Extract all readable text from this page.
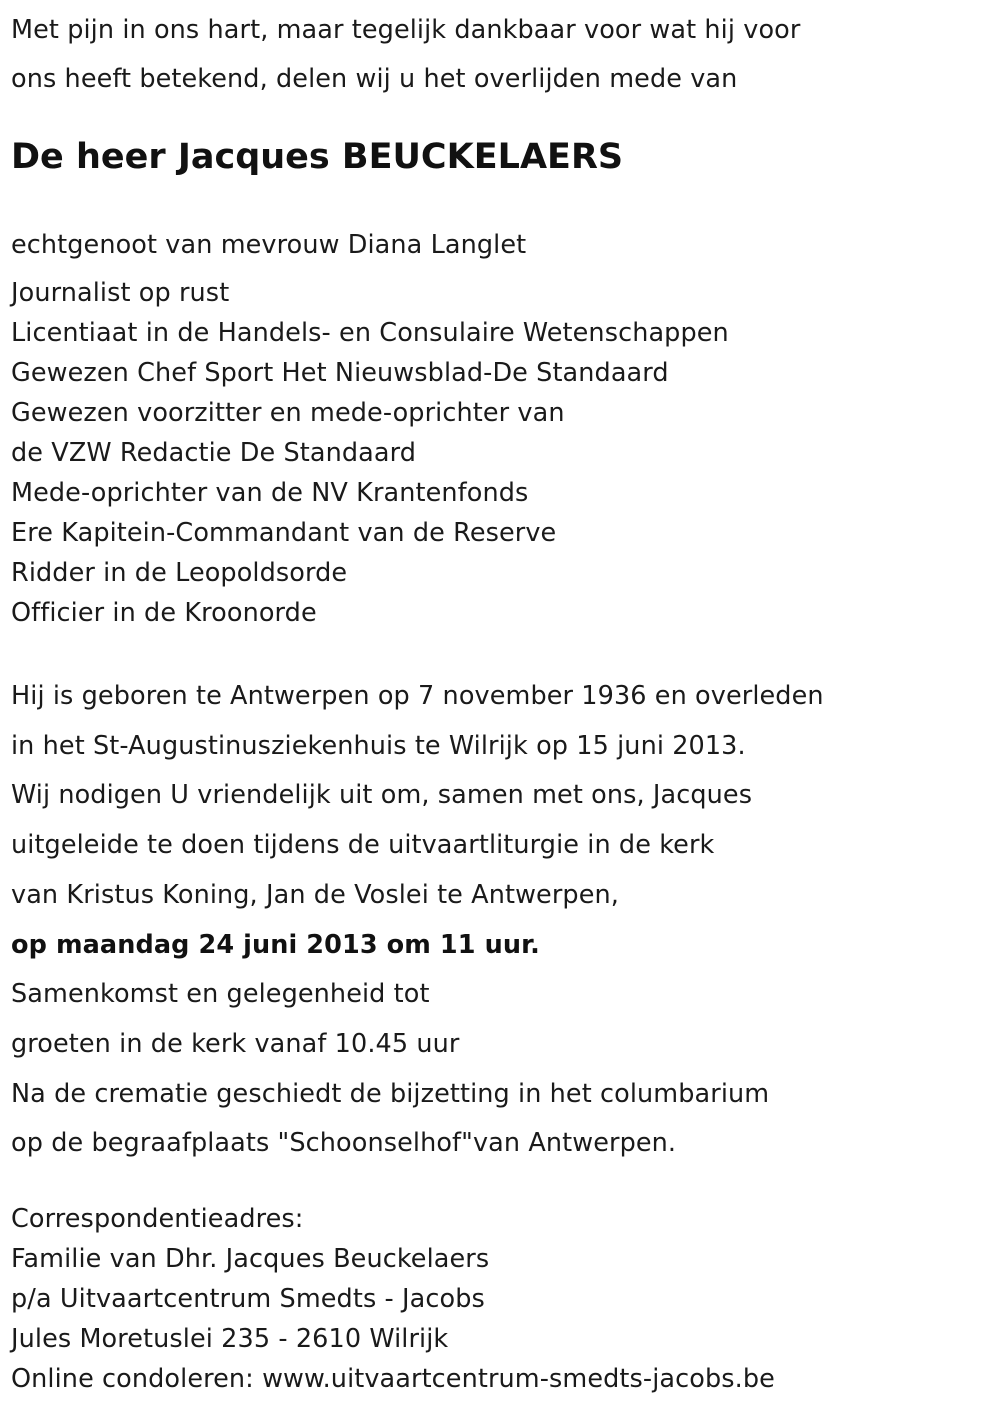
Met pijn in ons hart, maar tegelijk dankbaar voor wat hij voor
ons heeft betekend, delen wij u het overlijden mede van
De heer Jacques BEUCKELAERS
echtgenoot van mevrouw Diana Langlet
Journalist op rust
Licentiaat in de Handels- en Consulaire Wetenschappen
Gewezen Chef Sport Het Nieuwsblad-De Standaard
Gewezen voorzitter en mede-oprichter van
de VZW Redactie De Standaard
Mede-oprichter van de NV Krantenfonds
Ere Kapitein-Commandant van de Reserve
Ridder in de Leopoldsorde
Officier in de Kroonorde
Hij is geboren te Antwerpen op 7 november 1936 en overleden
in het St-Augustinusziekenhuis te Wilrijk op 15 juni 2013.
Wij nodigen U vriendelijk uit om, samen met ons, Jacques
uitgeleide te doen tijdens de uitvaartliturgie in de kerk
van Kristus Koning, Jan de Voslei te Antwerpen,
op maandag 24 juni 2013 om 11 uur.
Samenkomst en gelegenheid tot
groeten in de kerk vanaf 10.45 uur
Na de crematie geschiedt de bijzetting in het columbarium
op de begraafplaats "Schoonselhof"van Antwerpen.
Correspondentieadres:
Familie van Dhr. Jacques Beuckelaers
p/a Uitvaartcentrum Smedts - Jacobs
Jules Moretuslei 235 - 2610 Wilrijk
Online condoleren: www.uitvaartcentrum-smedts-jacobs.be
